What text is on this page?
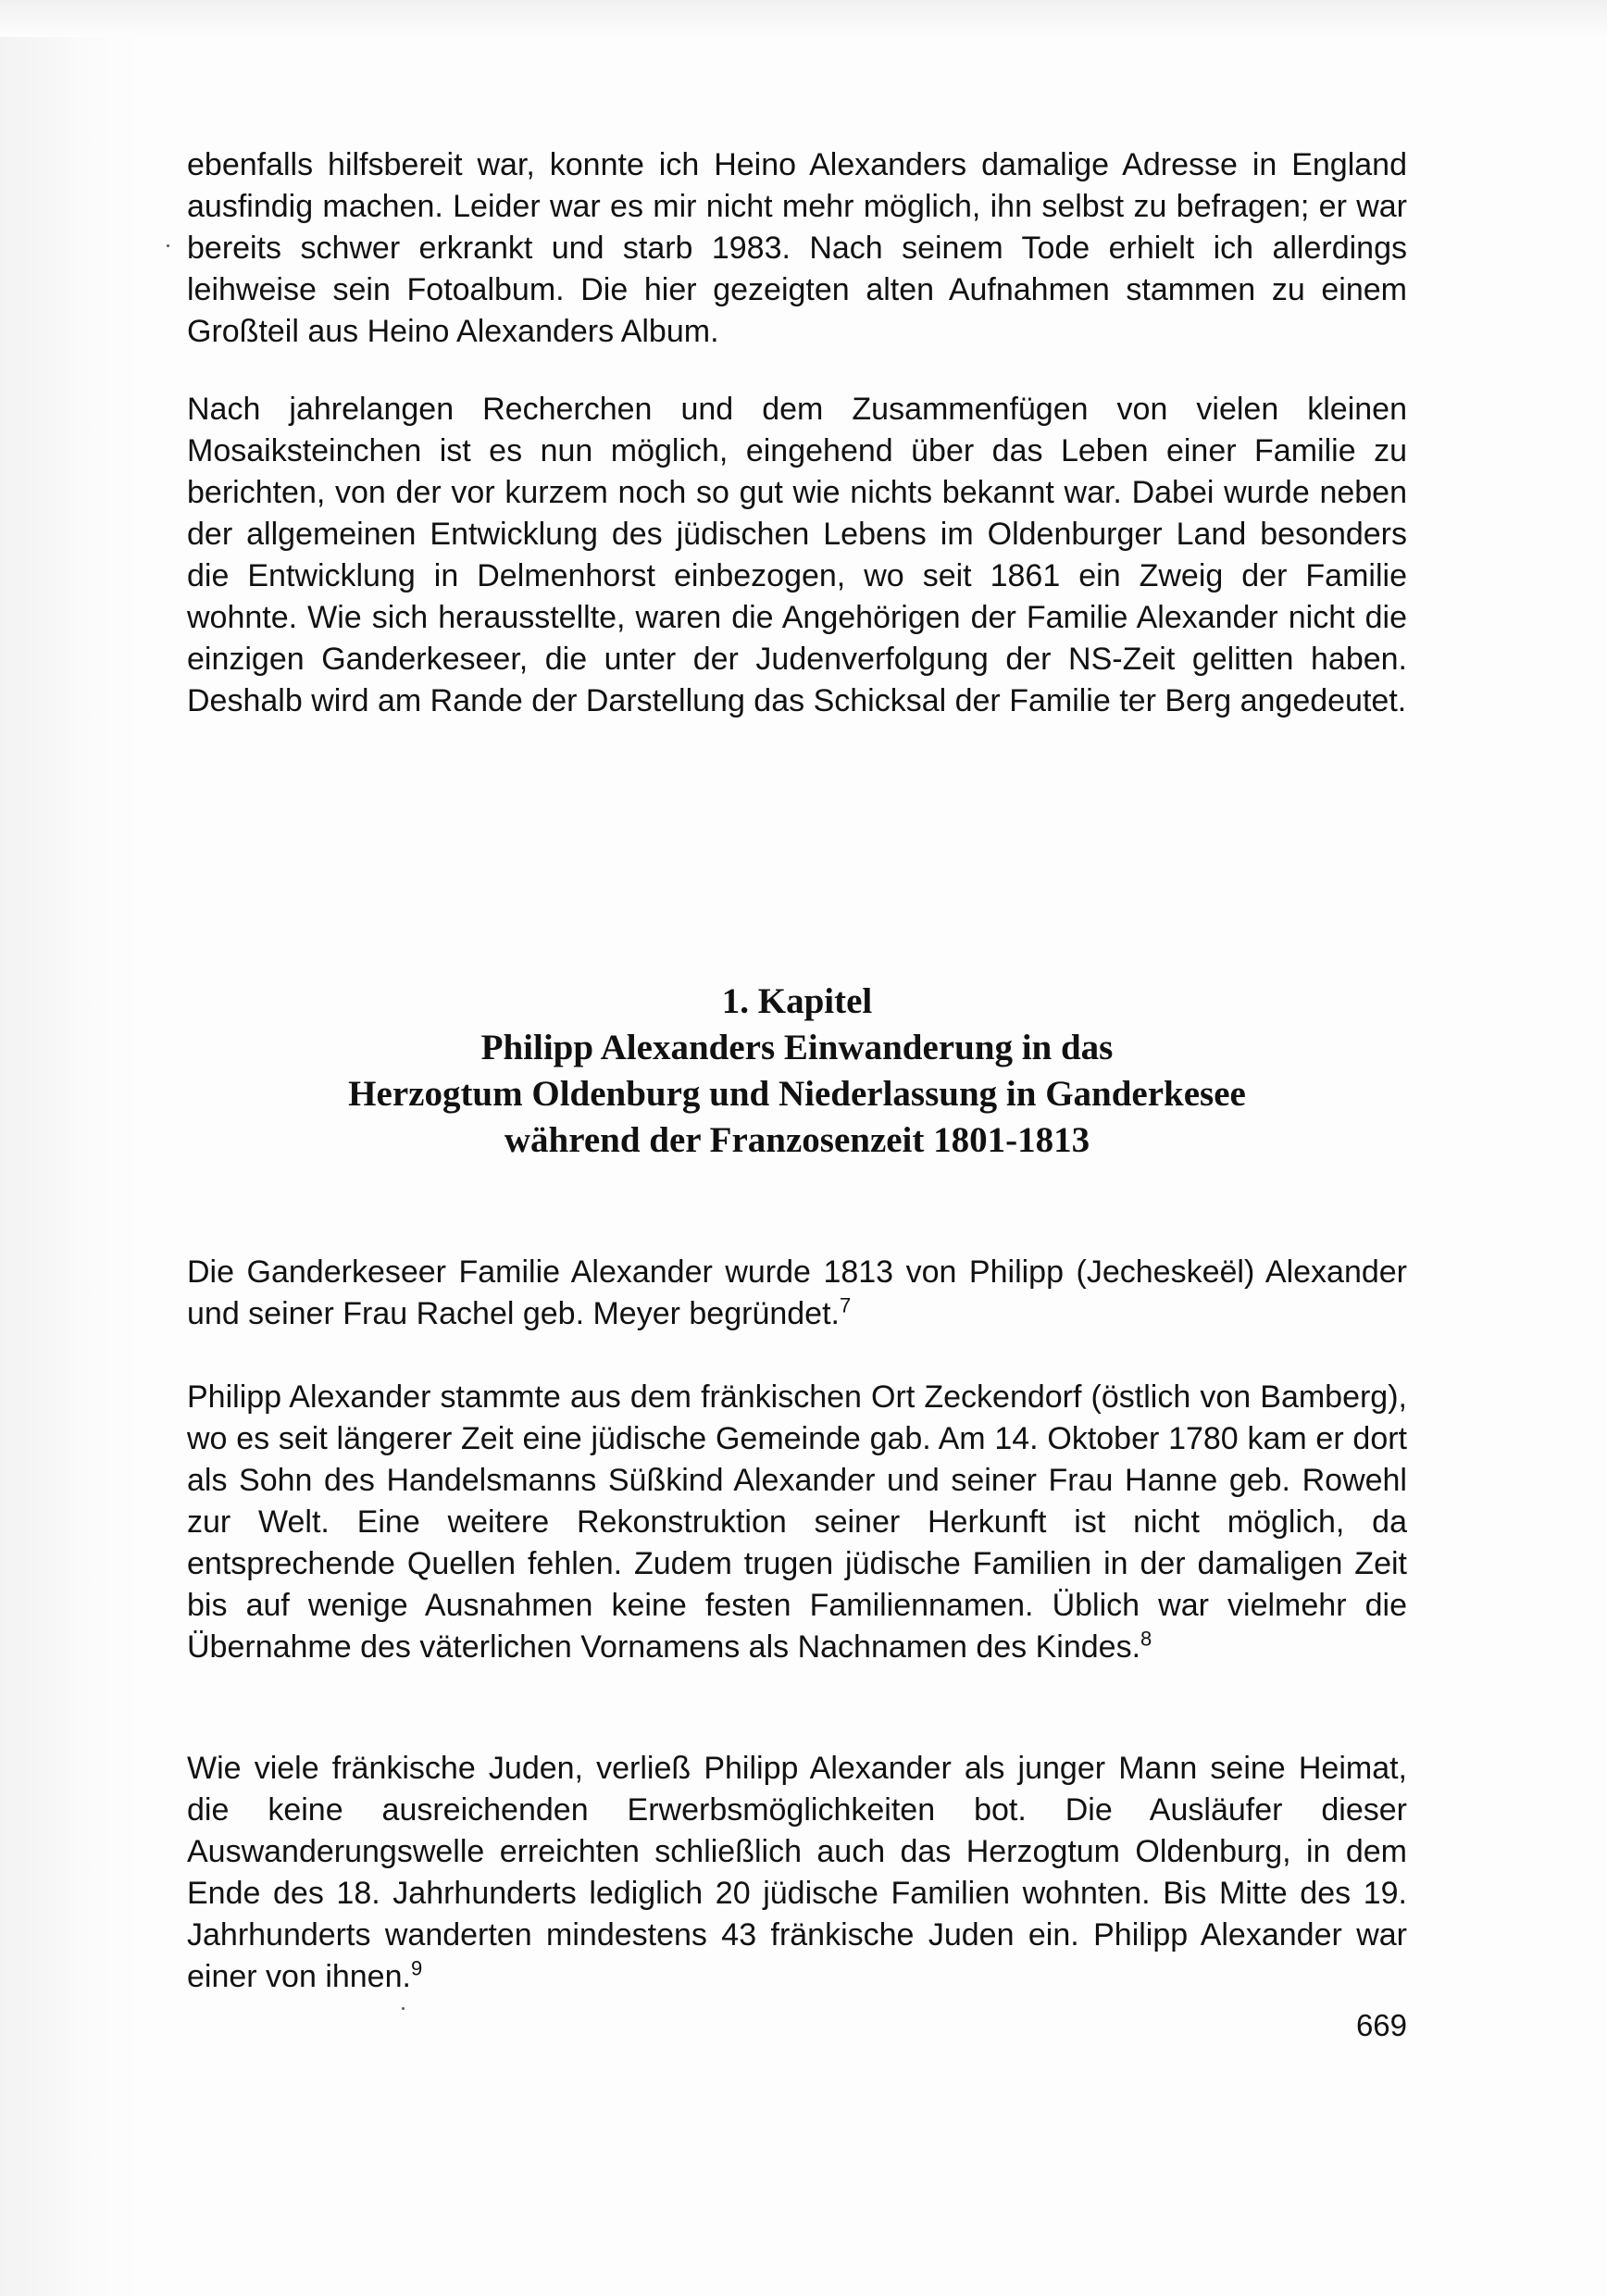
ebenfalls hilfsbereit war, konnte ich Heino Alexanders damalige Adresse in England ausfindig machen. Leider war es mir nicht mehr möglich, ihn selbst zu befragen; er war bereits schwer erkrankt und starb 1983. Nach seinem Tode erhielt ich allerdings leihweise sein Fotoalbum. Die hier gezeigten alten Aufnahmen stammen zu einem Großteil aus Heino Alexanders Album.

Nach jahrelangen Recherchen und dem Zusammenfügen von vielen kleinen Mosaiksteinchen ist es nun möglich, eingehend über das Leben einer Familie zu berichten, von der vor kurzem noch so gut wie nichts bekannt war. Dabei wurde neben der allgemeinen Entwicklung des jüdischen Lebens im Oldenburger Land besonders die Entwicklung in Delmenhorst einbezogen, wo seit 1861 ein Zweig der Familie wohnte. Wie sich herausstellte, waren die Angehörigen der Familie Alexander nicht die einzigen Ganderkeseer, die unter der Judenverfolgung der NS-Zeit gelitten haben. Deshalb wird am Rande der Darstellung das Schicksal der Familie ter Berg angedeutet.

1. Kapitel
Philipp Alexanders Einwanderung in das
Herzogtum Oldenburg und Niederlassung in Ganderkesee
während der Franzosenzeit 1801-1813

Die Ganderkeseer Familie Alexander wurde 1813 von Philipp (Jecheskeël) Alexander und seiner Frau Rachel geb. Meyer begründet.$^7$

Philipp Alexander stammte aus dem fränkischen Ort Zeckendorf (östlich von Bamberg), wo es seit längerer Zeit eine jüdische Gemeinde gab. Am 14. Oktober 1780 kam er dort als Sohn des Handelsmanns Süßkind Alexander und seiner Frau Hanne geb. Rowehl zur Welt. Eine weitere Rekonstruktion seiner Herkunft ist nicht möglich, da entsprechende Quellen fehlen. Zudem trugen jüdische Familien in der damaligen Zeit bis auf wenige Ausnahmen keine festen Familiennamen. Üblich war vielmehr die Übernahme des väterlichen Vornamens als Nachnamen des Kindes.$^8$

Wie viele fränkische Juden, verließ Philipp Alexander als junger Mann seine Heimat, die keine ausreichenden Erwerbsmöglichkeiten bot. Die Ausläufer dieser Auswanderungswelle erreichten schließlich auch das Herzogtum Oldenburg, in dem Ende des 18. Jahrhunderts lediglich 20 jüdische Familien wohnten. Bis Mitte des 19. Jahrhunderts wanderten mindestens 43 fränkische Juden ein. Philipp Alexander war einer von ihnen.$^9$

669
